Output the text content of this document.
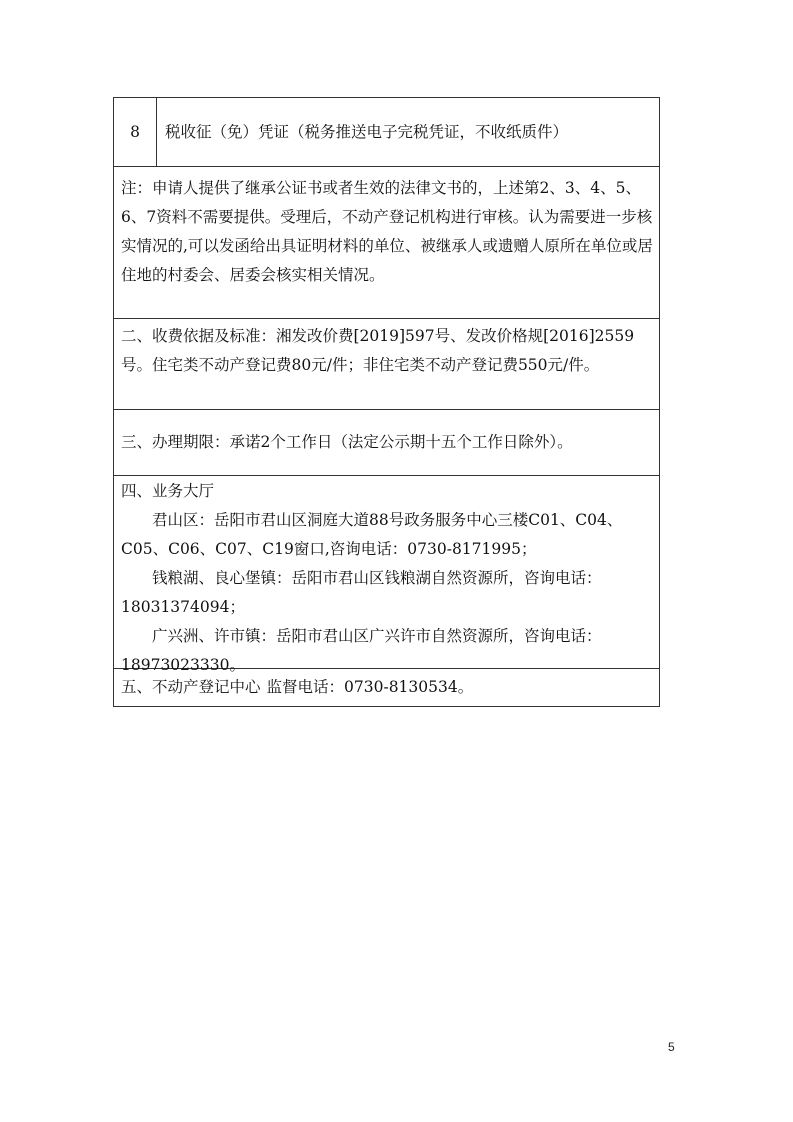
8	税收征（免）凭证（税务推送电子完税凭证，不收纸质件）
注：申请人提供了继承公证书或者生效的法律文书的，上述第2、3、4、5、6、7资料不需要提供。受理后，不动产登记机构进行审核。认为需要进一步核实情况的,可以发函给出具证明材料的单位、被继承人或遗赠人原所在单位或居住地的村委会、居委会核实相关情况。
二、收费依据及标准：湘发改价费[2019]597号、发改价格规[2016]2559号。住宅类不动产登记费80元/件；非住宅类不动产登记费550元/件。
三、办理期限：承诺2个工作日（法定公示期十五个工作日除外）。

四、业务大厅

君山区：岳阳市君山区洞庭大道88号政务服务中心三楼C01、C04、C05、C06、C07、C19窗口,咨询电话：0730-8171995；

钱粮湖、良心堡镇：岳阳市君山区钱粮湖自然资源所，咨询电话：18031374094；

广兴洲、许市镇：岳阳市君山区广兴许市自然资源所，咨询电话：18973023330。

五、不动产登记中心 监督电话：0730-8130534。
5
